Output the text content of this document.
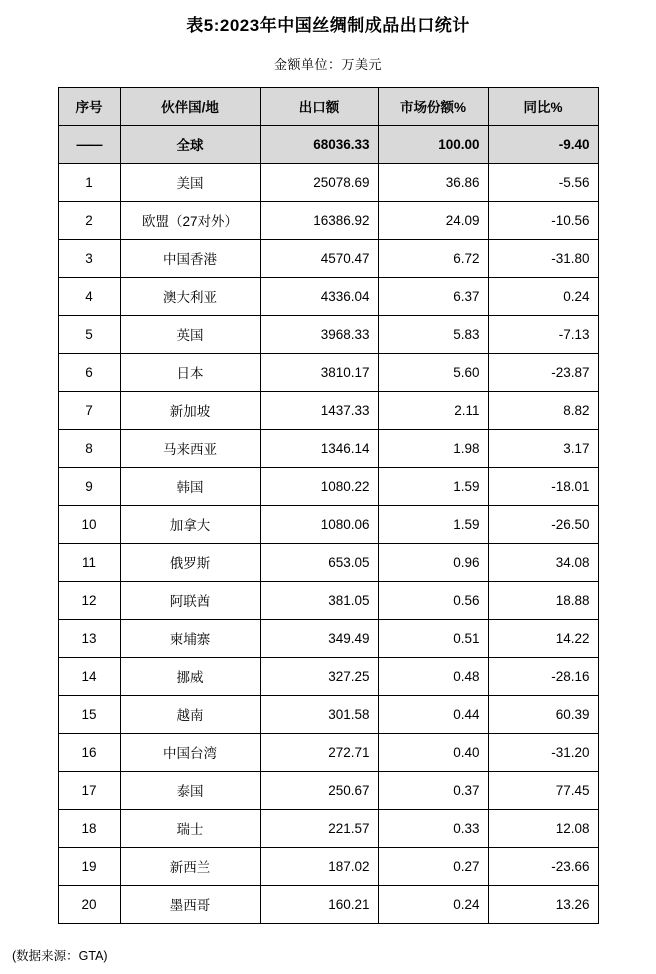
表5:2023年中国丝绸制成品出口统计
金额单位：万美元
序号	伙伴国/地	出口额	市场份额%	同比%
——	全球	68036.33	100.00	-9.40
1	美国	25078.69	36.86	-5.56
2	欧盟（27对外）	16386.92	24.09	-10.56
3	中国香港	4570.47	6.72	-31.80
4	澳大利亚	4336.04	6.37	0.24
5	英国	3968.33	5.83	-7.13
6	日本	3810.17	5.60	-23.87
7	新加坡	1437.33	2.11	8.82
8	马来西亚	1346.14	1.98	3.17
9	韩国	1080.22	1.59	-18.01
10	加拿大	1080.06	1.59	-26.50
11	俄罗斯	653.05	0.96	34.08
12	阿联酋	381.05	0.56	18.88
13	柬埔寨	349.49	0.51	14.22
14	挪威	327.25	0.48	-28.16
15	越南	301.58	0.44	60.39
16	中国台湾	272.71	0.40	-31.20
17	泰国	250.67	0.37	77.45
18	瑞士	221.57	0.33	12.08
19	新西兰	187.02	0.27	-23.66
20	墨西哥	160.21	0.24	13.26
(数据来源：GTA)
